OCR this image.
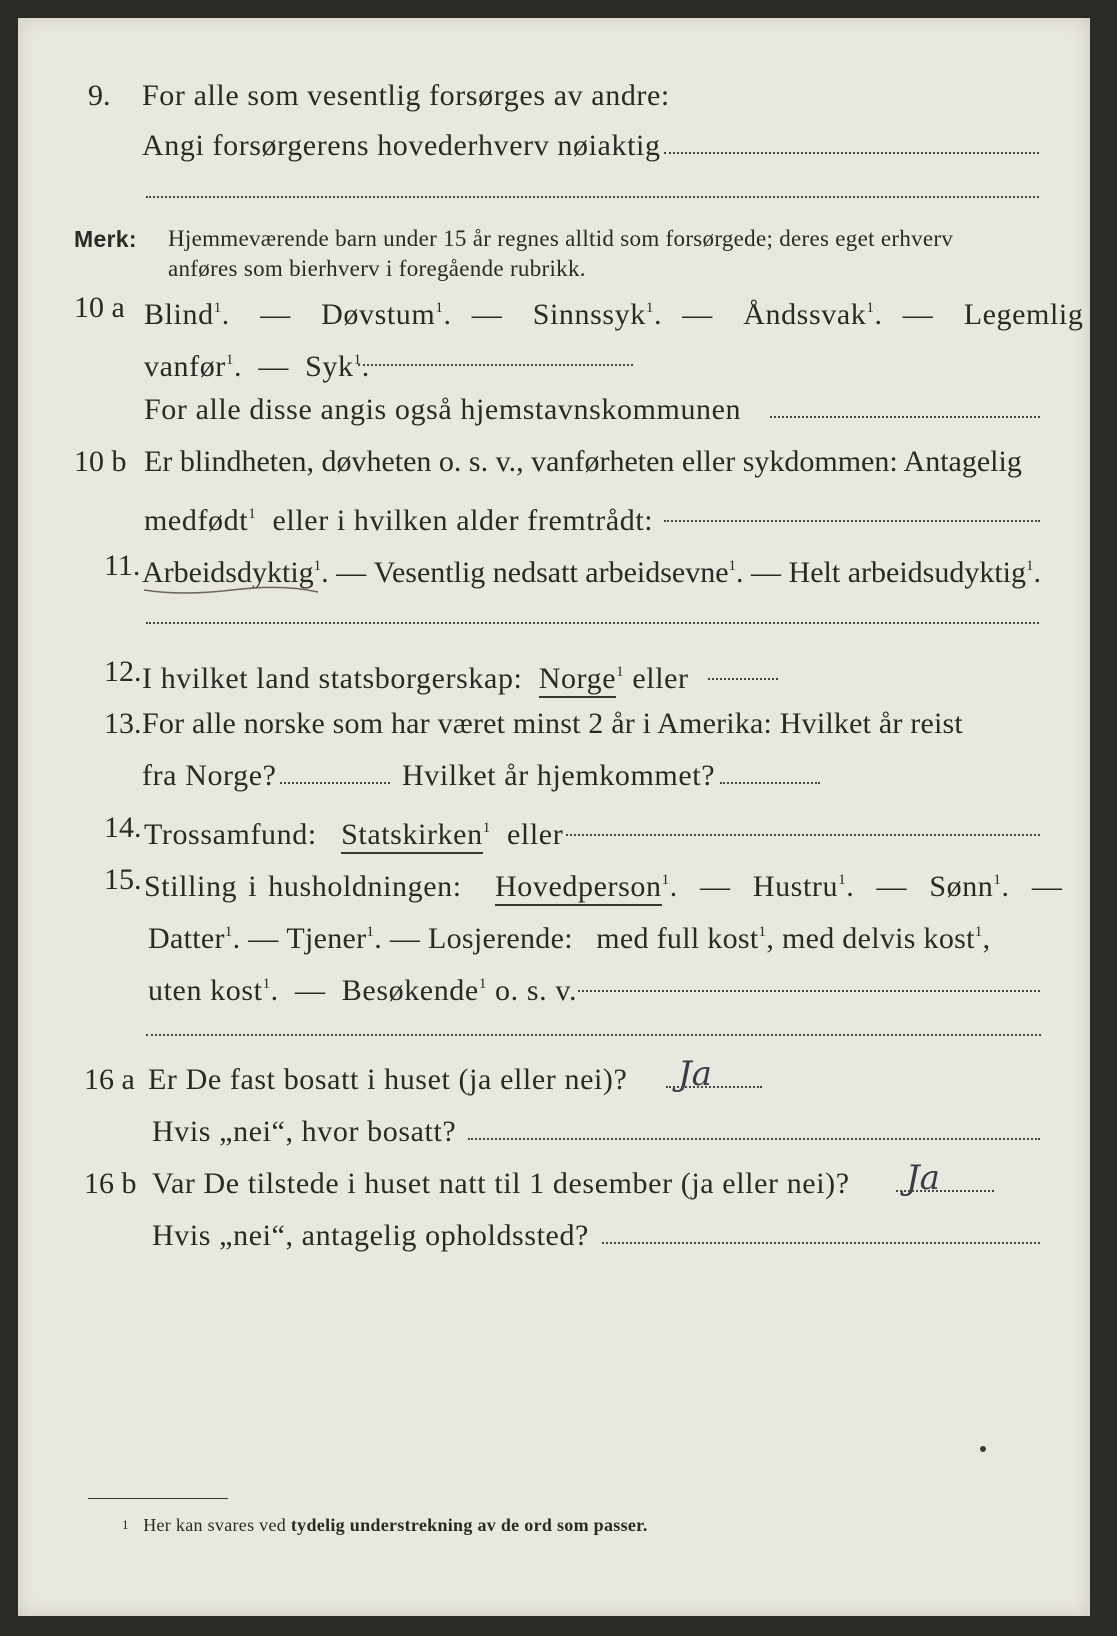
9. For alle som vesentlig forsørges av andre:
Angi forsørgerens hovederhverv nøiaktig
Merk: Hjemmeværende barn under 15 år regnes alltid som forsørgede; deres eget erhverv
anføres som bierhverv i foregående rubrikk.
10 a Blind$^1$.   — Døvstum$^1$.  — Sinnssyk$^1$.  — Åndssvak$^1$.  — Legemlig
vanfør$^1$.  — Syk$^1$.
For alle disse angis også hjemstavnskommunen
10 b Er blindheten, døvheten o. s. v., vanførheten eller sykdommen: Antagelig
medfødt$^1$ eller i hvilken alder fremtrådt:
11. Arbeidsdyktig$^1$. — Vesentlig nedsatt arbeidsevne$^1$. — Helt arbeidsudyktig$^1$.
12. I hvilket land statsborgerskap: Norge$^1$ eller
13. For alle norske som har været minst 2 år i Amerika: Hvilket år reist
fra Norge?	Hvilket år hjemkommet?
14. Trossamfund: Statskirken$^1$ eller
15. Stilling i husholdningen: Hovedperson$^1$.  — Hustru$^1$.  — Sønn$^1$.  —
Datter$^1$. — Tjener$^1$. — Losjerende: med full kost$^1$, med delvis kost$^1$,
uten kost$^1$.  — Besøkende$^1$ o. s. v.
16 a Er De fast bosatt i huset (ja eller nei)? Ja
Hvis „nei“, hvor bosatt?
16 b Var De tilstede i huset natt til 1 desember (ja eller nei)? Ja
Hvis „nei“, antagelig opholdssted?
1 Her kan svares ved tydelig understrekning av de ord som passer.
